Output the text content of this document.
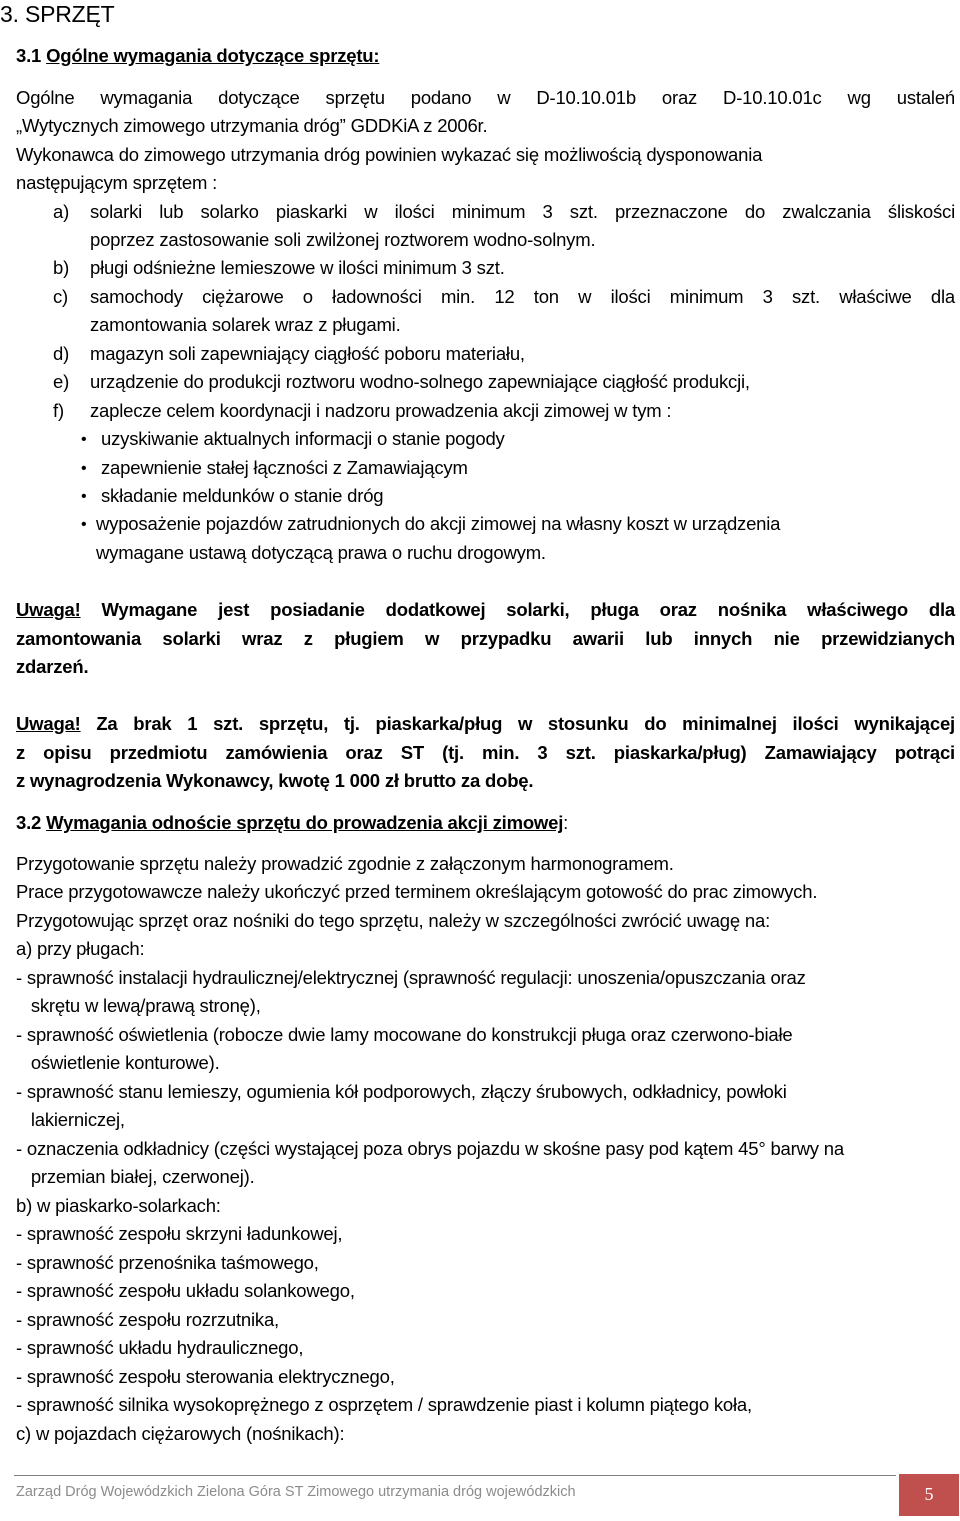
3. SPRZĘT
3.1 Ogólne wymagania dotyczące sprzętu:
Ogólne wymagania dotyczące sprzętu podano w D-10.10.01b oraz D-10.10.01c wg ustaleń
„Wytycznych zimowego utrzymania dróg” GDDKiA z 2006r.
Wykonawca do zimowego utrzymania dróg powinien wykazać się możliwością dysponowania
następującym sprzętem :
a) solarki lub solarko piaskarki w ilości minimum 3 szt. przeznaczone do zwalczania śliskości
poprzez zastosowanie soli zwilżonej roztworem wodno-solnym.
b) pługi odśnieżne lemieszowe w ilości minimum 3 szt.
c) samochody ciężarowe o ładowności min. 12 ton w ilości minimum 3 szt. właściwe dla
zamontowania solarek wraz z pługami.
d) magazyn soli zapewniający ciągłość poboru materiału,
e) urządzenie do produkcji roztworu wodno-solnego zapewniające ciągłość produkcji,
f) zaplecze celem koordynacji i nadzoru prowadzenia akcji zimowej w tym :
• uzyskiwanie aktualnych informacji o stanie pogody
• zapewnienie stałej łączności z Zamawiającym
• składanie meldunków o stanie dróg
• wyposażenie pojazdów zatrudnionych do akcji zimowej na własny koszt w urządzenia
wymagane ustawą dotyczącą prawa o ruchu drogowym.
Uwaga! Wymagane jest posiadanie dodatkowej solarki, pługa oraz nośnika właściwego dla
zamontowania solarki wraz z pługiem w przypadku awarii lub innych nie przewidzianych
zdarzeń.
Uwaga! Za brak 1 szt. sprzętu, tj. piaskarka/pług w stosunku do minimalnej ilości wynikającej
z opisu przedmiotu zamówienia oraz ST (tj. min. 3 szt. piaskarka/pług) Zamawiający potrąci
z wynagrodzenia Wykonawcy, kwotę 1 000 zł brutto za dobę.
3.2 Wymagania odnoście sprzętu do prowadzenia akcji zimowej:
Przygotowanie sprzętu należy prowadzić zgodnie z załączonym harmonogramem.
Prace przygotowawcze należy ukończyć przed terminem określającym gotowość do prac zimowych.
Przygotowując sprzęt oraz nośniki do tego sprzętu, należy w szczególności zwrócić uwagę na:
a) przy pługach:
- sprawność instalacji hydraulicznej/elektrycznej (sprawność regulacji: unoszenia/opuszczania oraz
skrętu w lewą/prawą stronę),
- sprawność oświetlenia (robocze dwie lamy mocowane do konstrukcji pługa oraz czerwono-białe
oświetlenie konturowe).
- sprawność stanu lemieszy, ogumienia kół podporowych, złączy śrubowych, odkładnicy, powłoki
lakierniczej,
- oznaczenia odkładnicy (części wystającej poza obrys pojazdu w skośne pasy pod kątem 45° barwy na
przemian białej, czerwonej).
b) w piaskarko-solarkach:
- sprawność zespołu skrzyni ładunkowej,
- sprawność przenośnika taśmowego,
- sprawność zespołu układu solankowego,
- sprawność zespołu rozrzutnika,
- sprawność układu hydraulicznego,
- sprawność zespołu sterowania elektrycznego,
- sprawność silnika wysokoprężnego z osprzętem / sprawdzenie piast i kolumn piątego koła,
c) w pojazdach ciężarowych (nośnikach):
Zarząd Dróg Wojewódzkich Zielona Góra ST Zimowego utrzymania dróg wojewódzkich	5
